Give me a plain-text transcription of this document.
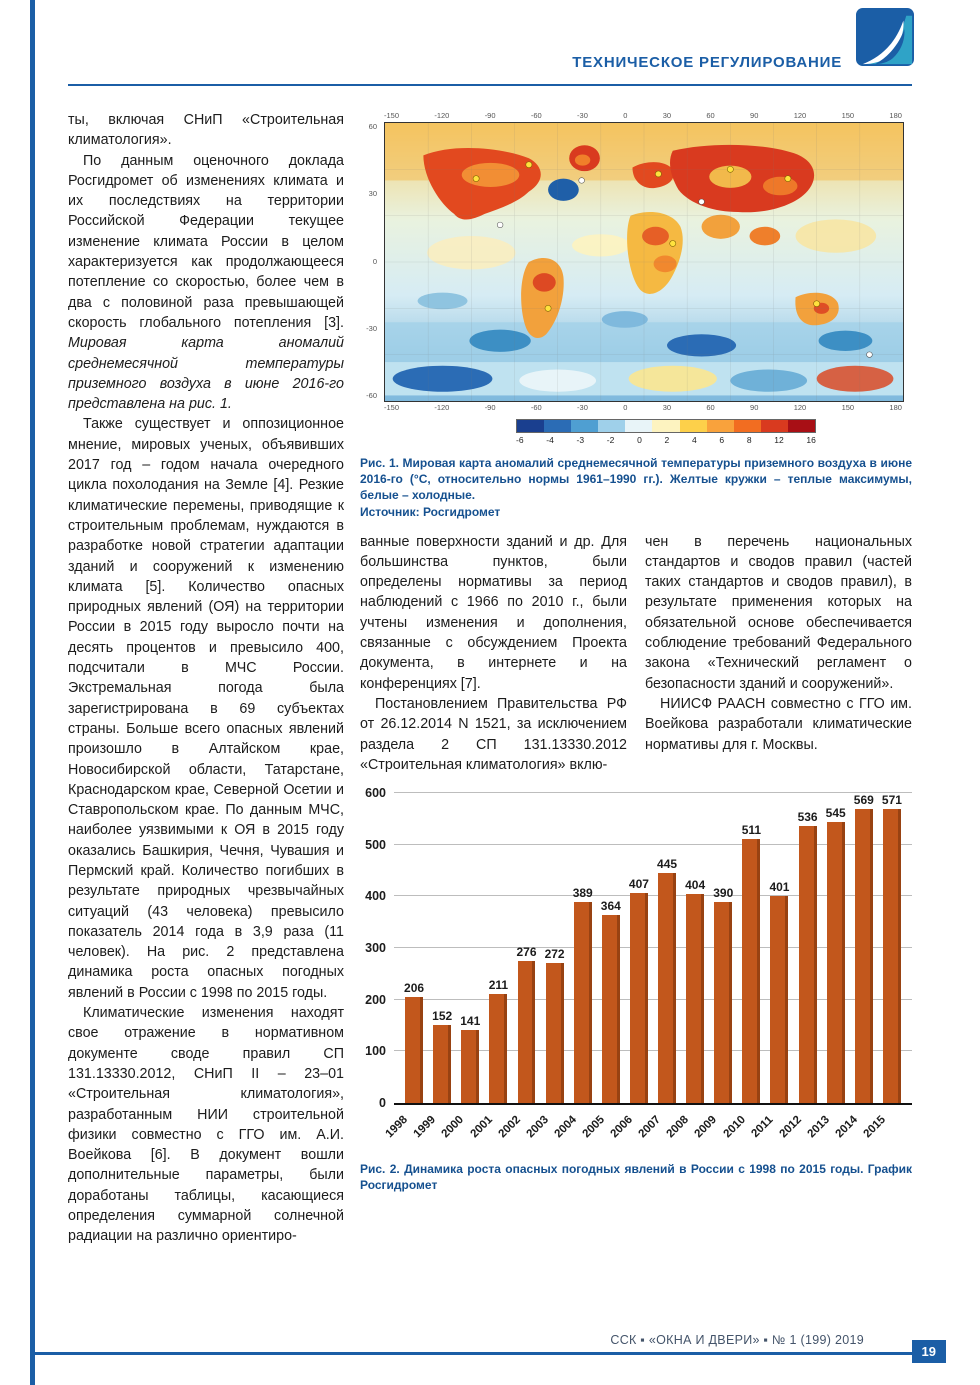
ТЕХНИЧЕСКОЕ РЕГУЛИРОВАНИЕ
ты, включая СНиП «Строительная климатология».
По данным оценочного доклада Росгидромет об изменениях климата и их последствиях на территории Российской Федерации текущее изменение климата России в целом характеризуется как продолжающееся потепление со скоростью, более чем в два с половиной раза превышающей скорость глобального потепления [3]. Мировая карта аномалий среднемесячной температуры приземного воздуха в июне 2016-го представлена на рис. 1.
Также существует и оппозиционное мнение, мировых ученых, объявивших 2017 год – годом начала очередного цикла похолодания на Земле [4]. Резкие климатические перемены, приводящие к строительным проблемам, нуждаются в разработке новой стратегии адаптации зданий и сооружений к изменению климата [5]. Количество опасных природных явлений (ОЯ) на территории России в 2015 году выросло почти на десять процентов и превысило 400, подсчитали в МЧС России. Экстремальная погода была зарегистрирована в 69 субъектах страны. Больше всего опасных явлений произошло в Алтайском крае, Новосибирской области, Татарстане, Краснодарском крае, Северной Осетии и Ставропольском крае. По данным МЧС, наиболее уязвимыми к ОЯ в 2015 году оказались Башкирия, Чечня, Чувашия и Пермский край. Количество погибших в результате природных чрезвычайных ситуаций (43 человека) превысило показатель 2014 года в 3,9 раза (11 человек). На рис. 2 представлена динамика роста опасных погодных явлений в России с 1998 по 2015 годы.
Климатические изменения находят свое отражение в нормативном документе своде правил СП 131.13330.2012, СНиП II – 23–01 «Строительная климатология», разработанным НИИ строительной физики совместно с ГГО им. А.И. Воейкова [6]. В документ вошли дополнительные параметры, были доработаны таблицы, касающиеся определения суммарной солнечной радиации на различно ориентиро-
-150	-120	-90	-60	-30	0	30	60	90	120	150	180
60
30
0
-30
-60
-150	-120	-90	-60	-30	0	30	60	90	120	150	180
-6	-4	-3	-2	0	2	4	6	8	12	16
Рис. 1. Мировая карта аномалий среднемесячной температуры приземного воздуха в июне 2016-го (°C, относительно нормы 1961–1990 гг.). Желтые кружки – теплые максимумы, белые – холодные.
Источник: Росгидромет
ванные поверхности зданий и др. Для большинства пунктов, были определены нормативы за период наблюдений с 1966 по 2010 г., были учтены изменения и дополнения, связанные с обсуждением Проекта документа, в интернете и на конференциях [7].
Постановлением Правительства РФ от 26.12.2014 N 1521, за исключением раздела 2 СП 131.13330.2012 «Строительная климатология» вклю-
чен в перечень национальных стандартов и сводов правил (частей таких стандартов и сводов правил), в результате применения которых на обязательной основе обеспечивается соблюдение требований Федерального закона «Технический регламент о безопасности зданий и сооружений».
НИИСФ РААСН совместно с ГГО им. Воейкова разработали климатические нормативы для г. Москвы.
0
100
200
300
400
500
600
206
152 141
211
276 272
389
364
407
445
404
390
511
401
536 545
569 571
1998 1999 2000 2001 2002 2003 2004 2005 2006 2007 2008 2009 2010 2011 2012 2013 2014 2015
Рис. 2. Динамика роста опасных погодных явлений в России с 1998 по 2015 годы. График Росгидромет
ССК ▪ «ОКНА И ДВЕРИ» ▪ № 1 (199) 2019
19
